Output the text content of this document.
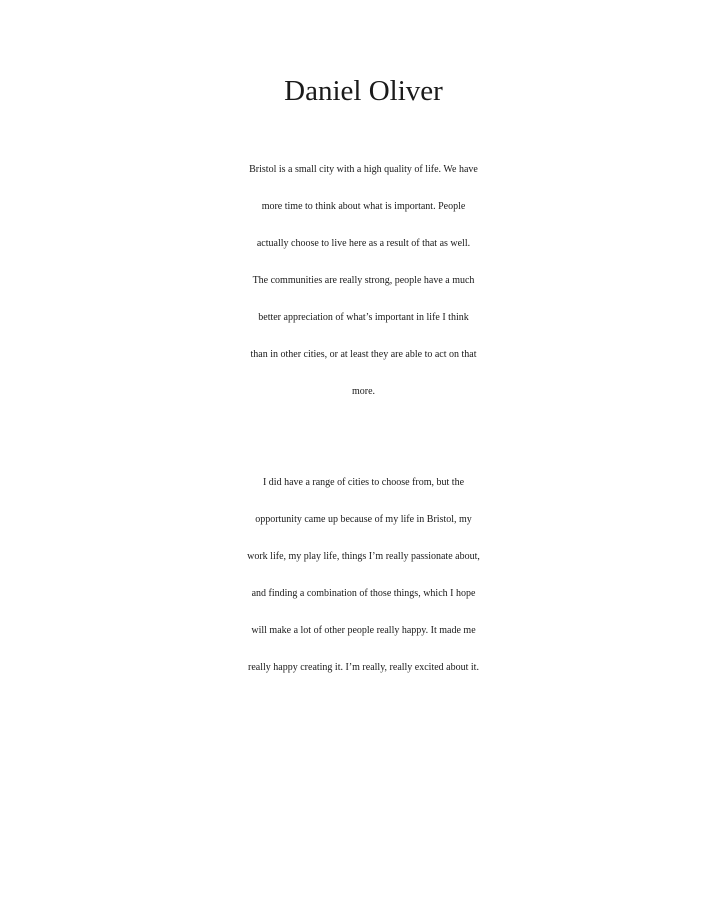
Daniel Oliver

Bristol is a small city with a high quality of life. We have
more time to think about what is important. People
actually choose to live here as a result of that as well.
The communities are really strong, people have a much
better appreciation of what’s important in life I think
than in other cities, or at least they are able to act on that
more.

I did have a range of cities to choose from, but the
opportunity came up because of my life in Bristol, my
work life, my play life, things I’m really passionate about,
and finding a combination of those things, which I hope
will make a lot of other people really happy. It made me
really happy creating it. I’m really, really excited about it.
